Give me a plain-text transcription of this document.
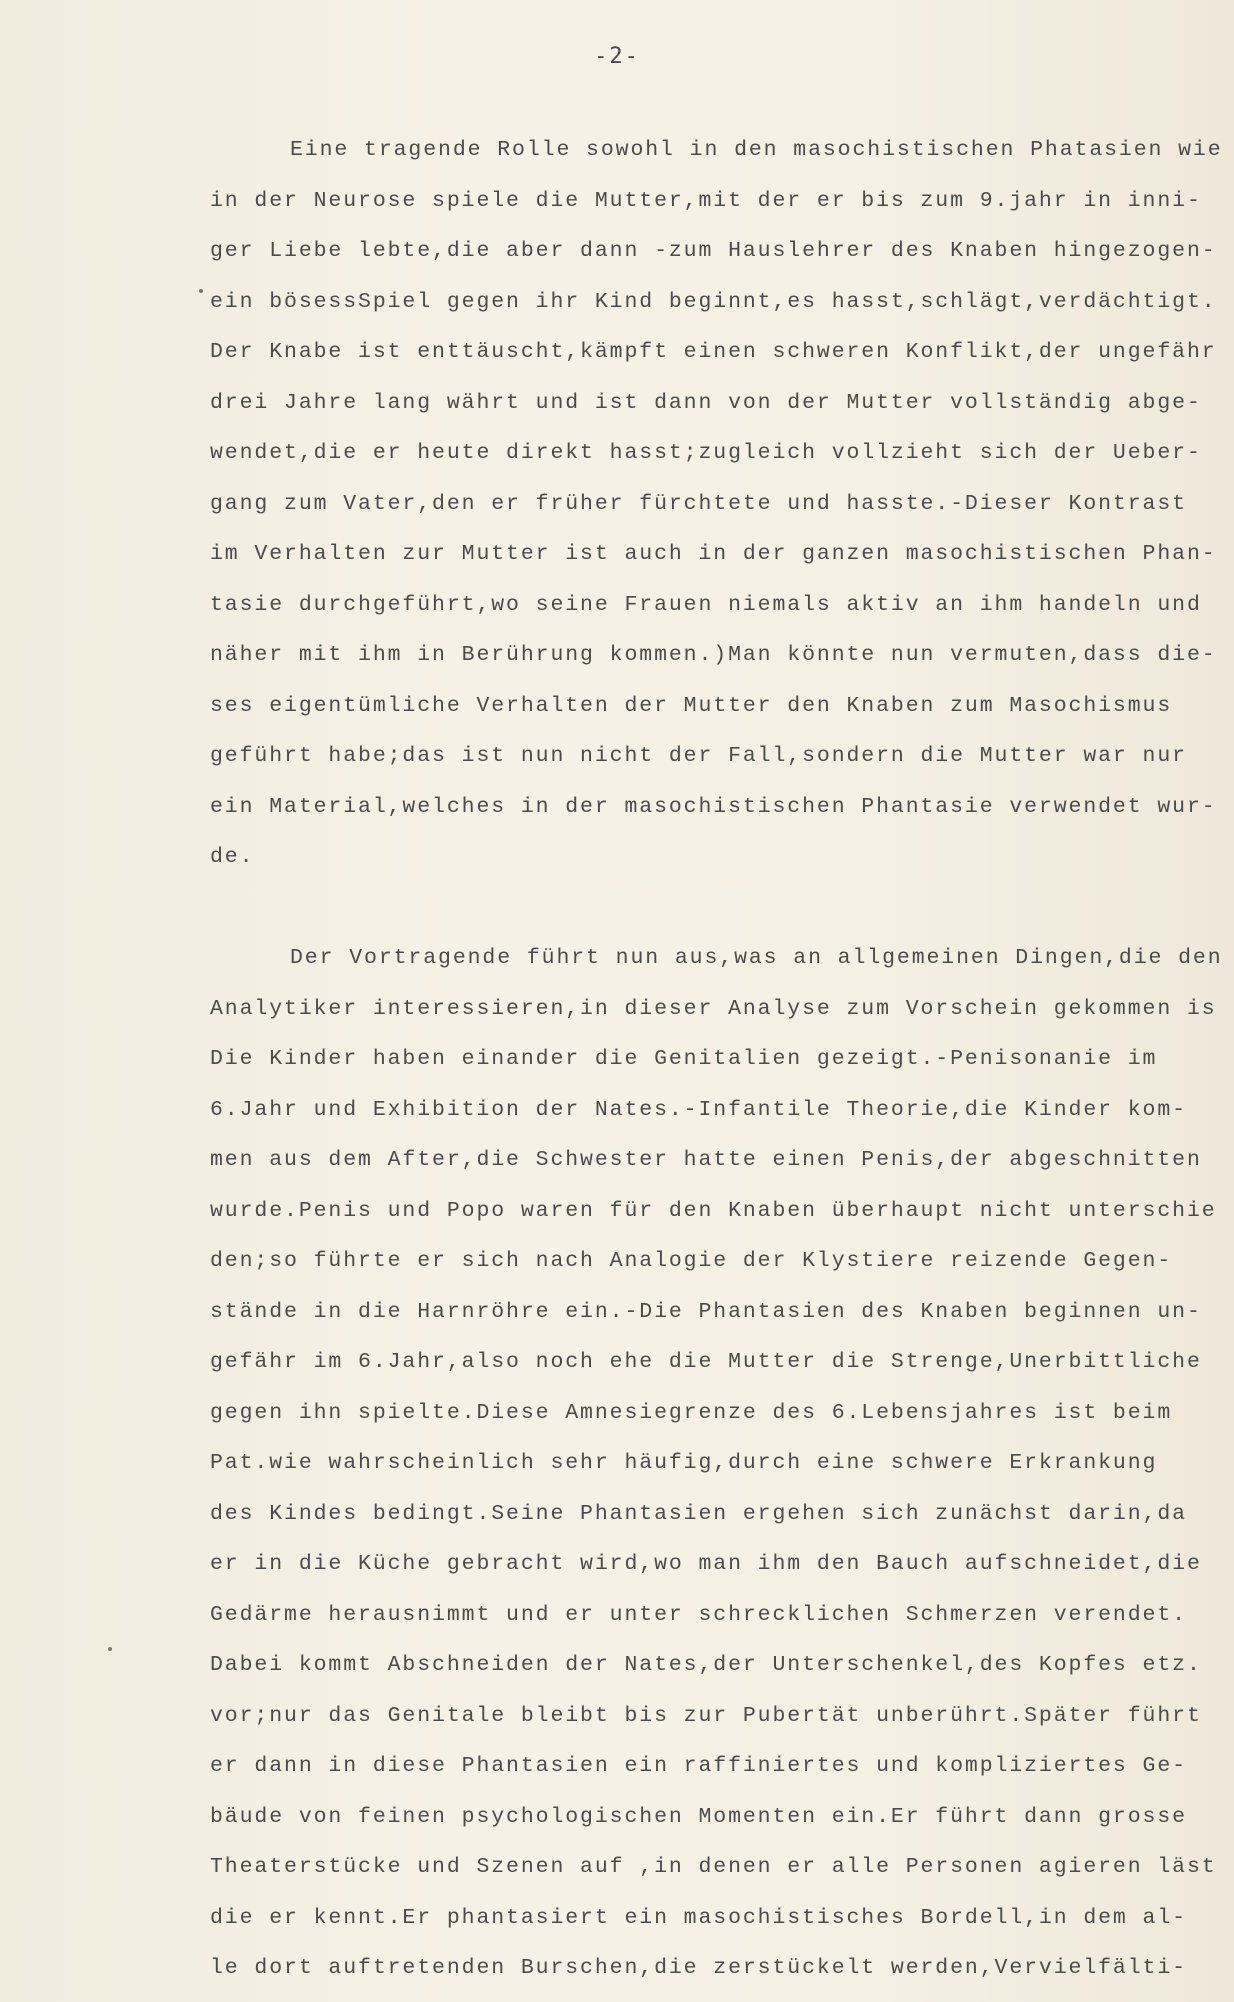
-2-
Eine tragende Rolle sowohl in den masochistischen Phatasien wie
in der Neurose spiele die Mutter,mit der er bis zum 9.jahr in inni-
ger Liebe lebte,die aber dann -zum Hauslehrer des Knaben hingezogen-
ein bösessSpiel gegen ihr Kind beginnt,es hasst,schlägt,verdächtigt.
Der Knabe ist enttäuscht,kämpft einen schweren Konflikt,der ungefähr
drei Jahre lang währt und ist dann von der Mutter vollständig abge-
wendet,die er heute direkt hasst;zugleich vollzieht sich der Ueber-
gang zum Vater,den er früher fürchtete und hasste.-Dieser Kontrast
im Verhalten zur Mutter ist auch in der ganzen masochistischen Phan-
tasie durchgeführt,wo seine Frauen niemals aktiv an ihm handeln und
näher mit ihm in Berührung kommen.)Man könnte nun vermuten,dass die-
ses eigentümliche Verhalten der Mutter den Knaben zum Masochismus
geführt habe;das ist nun nicht der Fall,sondern die Mutter war nur
ein Material,welches in der masochistischen Phantasie verwendet wur-
de.
Der Vortragende führt nun aus,was an allgemeinen Dingen,die den
Analytiker interessieren,in dieser Analyse zum Vorschein gekommen is
Die Kinder haben einander die Genitalien gezeigt.-Penisonanie im
6.Jahr und Exhibition der Nates.-Infantile Theorie,die Kinder kom-
men aus dem After,die Schwester hatte einen Penis,der abgeschnitten
wurde.Penis und Popo waren für den Knaben überhaupt nicht unterschie
den;so führte er sich nach Analogie der Klystiere reizende Gegen-
stände in die Harnröhre ein.-Die Phantasien des Knaben beginnen un-
gefähr im 6.Jahr,also noch ehe die Mutter die Strenge,Unerbittliche
gegen ihn spielte.Diese Amnesiegrenze des 6.Lebensjahres ist beim
Pat.wie wahrscheinlich sehr häufig,durch eine schwere Erkrankung
des Kindes bedingt.Seine Phantasien ergehen sich zunächst darin,da
er in die Küche gebracht wird,wo man ihm den Bauch aufschneidet,die
Gedärme herausnimmt und er unter schrecklichen Schmerzen verendet.
Dabei kommt Abschneiden der Nates,der Unterschenkel,des Kopfes etz.
vor;nur das Genitale bleibt bis zur Pubertät unberührt.Später führt
er dann in diese Phantasien ein raffiniertes und kompliziertes Ge-
bäude von feinen psychologischen Momenten ein.Er führt dann grosse
Theaterstücke und Szenen auf ,in denen er alle Personen agieren läst
die er kennt.Er phantasiert ein masochistisches Bordell,in dem al-
le dort auftretenden Burschen,die zerstückelt werden,Vervielfälti-
